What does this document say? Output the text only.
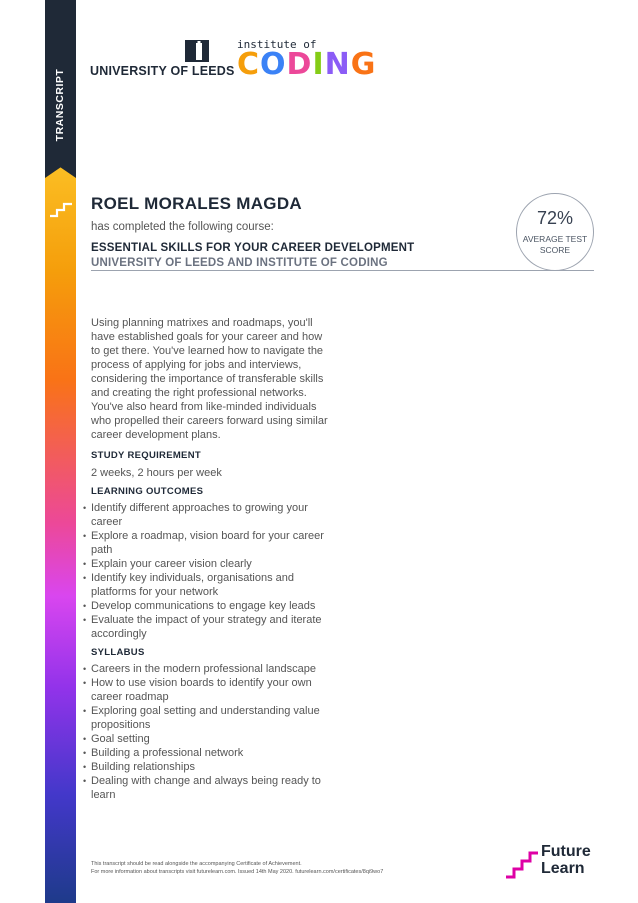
TRANSCRIPT UNIVERSITY OF LEEDS
institute of
C O D I N G
ROEL MORALES MAGDA
has completed the following course:
ESSENTIAL SKILLS FOR YOUR CAREER DEVELOPMENT
UNIVERSITY OF LEEDS AND INSTITUTE OF CODING
72%
AVERAGE TEST
SCORE
Using planning matrixes and roadmaps, you'll have established goals for your career and how to get there. You've learned how to navigate the process of applying for jobs and interviews, considering the importance of transferable skills and creating the right professional networks. You've also heard from like-minded individuals who propelled their careers forward using similar career development plans.
STUDY REQUIREMENT
2 weeks, 2 hours per week
LEARNING OUTCOMES
• Identify different approaches to growing your career
• Explore a roadmap, vision board for your career path
• Explain your career vision clearly
• Identify key individuals, organisations and platforms for your network
• Develop communications to engage key leads
• Evaluate the impact of your strategy and iterate accordingly
SYLLABUS
• Careers in the modern professional landscape
• How to use vision boards to identify your own career roadmap
• Exploring goal setting and understanding value propositions
• Goal setting
• Building a professional network
• Building relationships
• Dealing with change and always being ready to learn
This transcript should be read alongside the accompanying Certificate of Achievement.
For more information about transcripts visit futurelearn.com. Issued 14th May 2020. futurelearn.com/certificates/8qi9wo7
Future
Learn
